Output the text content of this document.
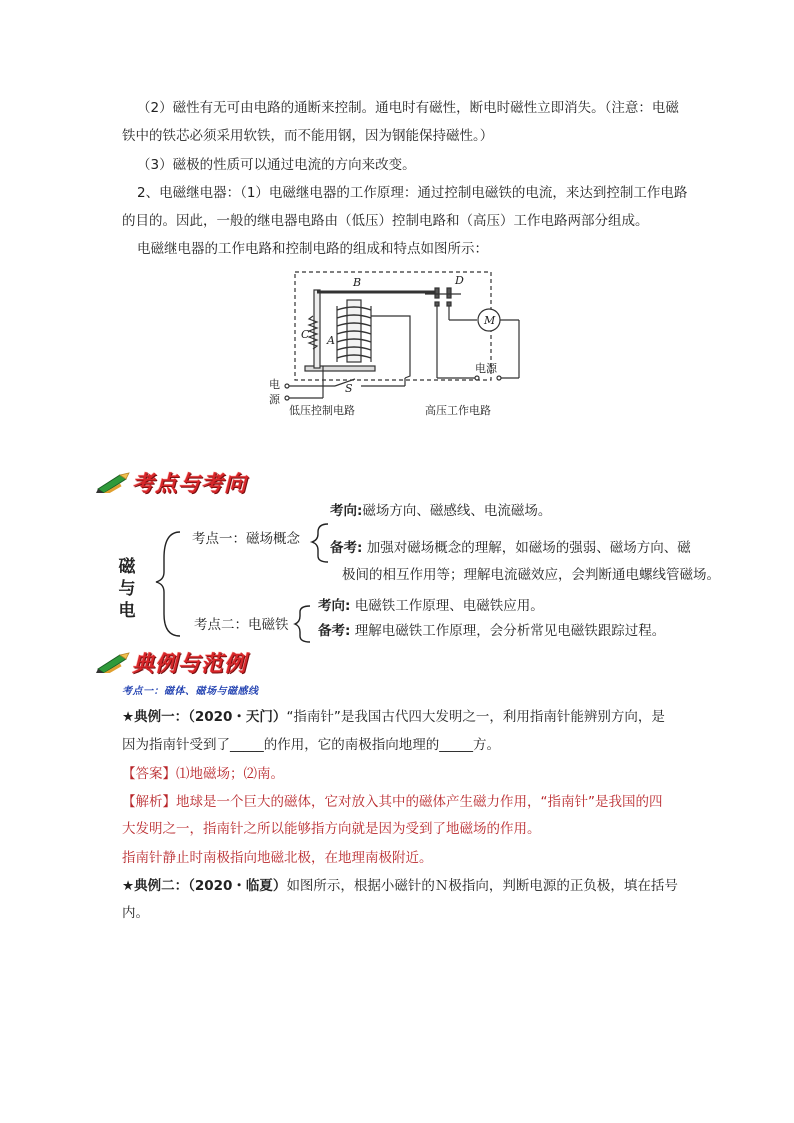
（2）磁性有无可由电路的通断来控制。通电时有磁性，断电时磁性立即消失。（注意：电磁
铁中的铁芯必须采用软铁，而不能用钢，因为钢能保持磁性。）
（3）磁极的性质可以通过电流的方向来改变。
2、电磁继电器：（1）电磁继电器的工作原理：通过控制电磁铁的电流，来达到控制工作电路
的目的。因此，一般的继电器电路由（低压）控制电路和（高压）工作电路两部分组成。
电磁继电器的工作电路和控制电路的组成和特点如图所示：
B	D
C A
S
M
电源
电
源
低压控制电路	高压工作电路
考点与考向
磁
与
电
考点一：磁场概念
考向:磁场方向、磁感线、电流磁场。
备考: 加强对磁场概念的理解，如磁场的强弱、磁场方向、磁
极间的相互作用等；理解电流磁效应，会判断通电螺线管磁场。
考点二：电磁铁
考向: 电磁铁工作原理、电磁铁应用。
备考: 理解电磁铁工作原理，会分析常见电磁铁跟踪过程。
典例与范例
考点一：磁体、磁场与磁感线
★典例一：（2020・天门）“指南针”是我国古代四大发明之一，利用指南针能辨别方向，是
因为指南针受到了_____的作用，它的南极指向地理的_____方。
【答案】⑴地磁场；⑵南。
【解析】地球是一个巨大的磁体，它对放入其中的磁体产生磁力作用，“指南针”是我国的四
大发明之一，指南针之所以能够指方向就是因为受到了地磁场的作用。
指南针静止时南极指向地磁北极，在地理南极附近。
★典例二：（2020・临夏）如图所示，根据小磁针的Ｎ极指向，判断电源的正负极，填在括号
内。
